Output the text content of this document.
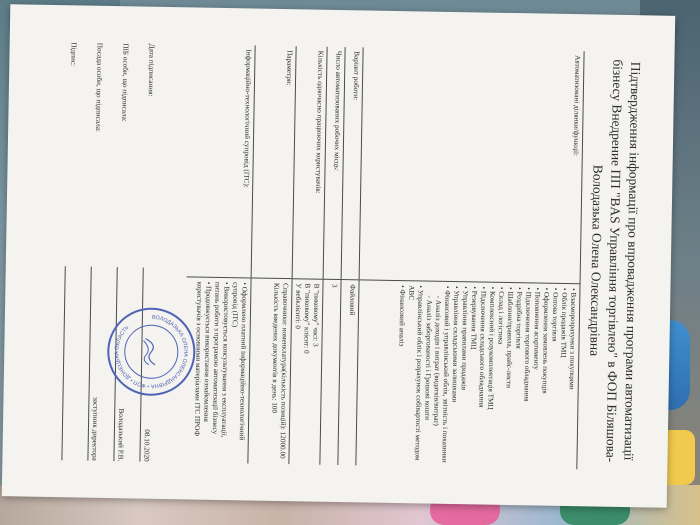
Підтвердження інформації про впровадження програми автоматизації бізнесу Внедрение ПП "BAS Управління торгівлею" в ФОП Біляшова-Володазька Олена Олександрівна
Автоматизовані ділянки/функції:
• Взаєморозрахунки з покупцями
• Облік продажів ТМЦ
• Оптова торгівля
• Оформлення замовлень покупців
• Поповнення асортименту
• Підключення торгового обладнання
• Роздрібна торгівля
• Шаблони/правила, прайс-листи
• Склад і логістика
• Комплексний і розукомплектація ТМЦ
• Підключення складського обладнання
• Резервування ТМЦ
• Управління правилами продажів
• Управління складськими залишками
• Фінансовий і управлінський облік, звітність і показники
- Аналіз доходів і витрат (видатків/витрат)
- Аналіз заборгованості і Грошові кошти
• Управлінський облік і розрахунок собівартості методом ABC
• Фінансовий аналіз
Варіант роботи:
Файловий
Число автоматизованих робочих місць:
3
Кількість одночасно працюючих користувачів:
В "пиковому" часі: 3
В "пиковому" клієнт: 0
У вебклієнті: 0
Параметри:
Справочники: номенклатура(кількість позицій): 12000.00
Кількість введених документів в день: 100
Інформаційно-технологічний супровід (ІТС):
• Оформлено платний інформаційно-технологічний супровід (ІТС)
• Використовується консультування з експлуатації, питань роботи з програмою автоматизації бізнесу
• Продовжується використання ознайомлення користувачів з основними матеріалами ІТС ПРОФ
Дата підписання:
08.10.2020
ПІБ особи, що підписала:
Володазький Р.В.
Посада особи, що підписала:
заступник директора
Підпис:
ВОЛОДАЗЬКА ОЛЕНА ОЛЕКСАНДРІВНА • ФОП • ДОНЕЦЬКА ОБЛАСТЬ
